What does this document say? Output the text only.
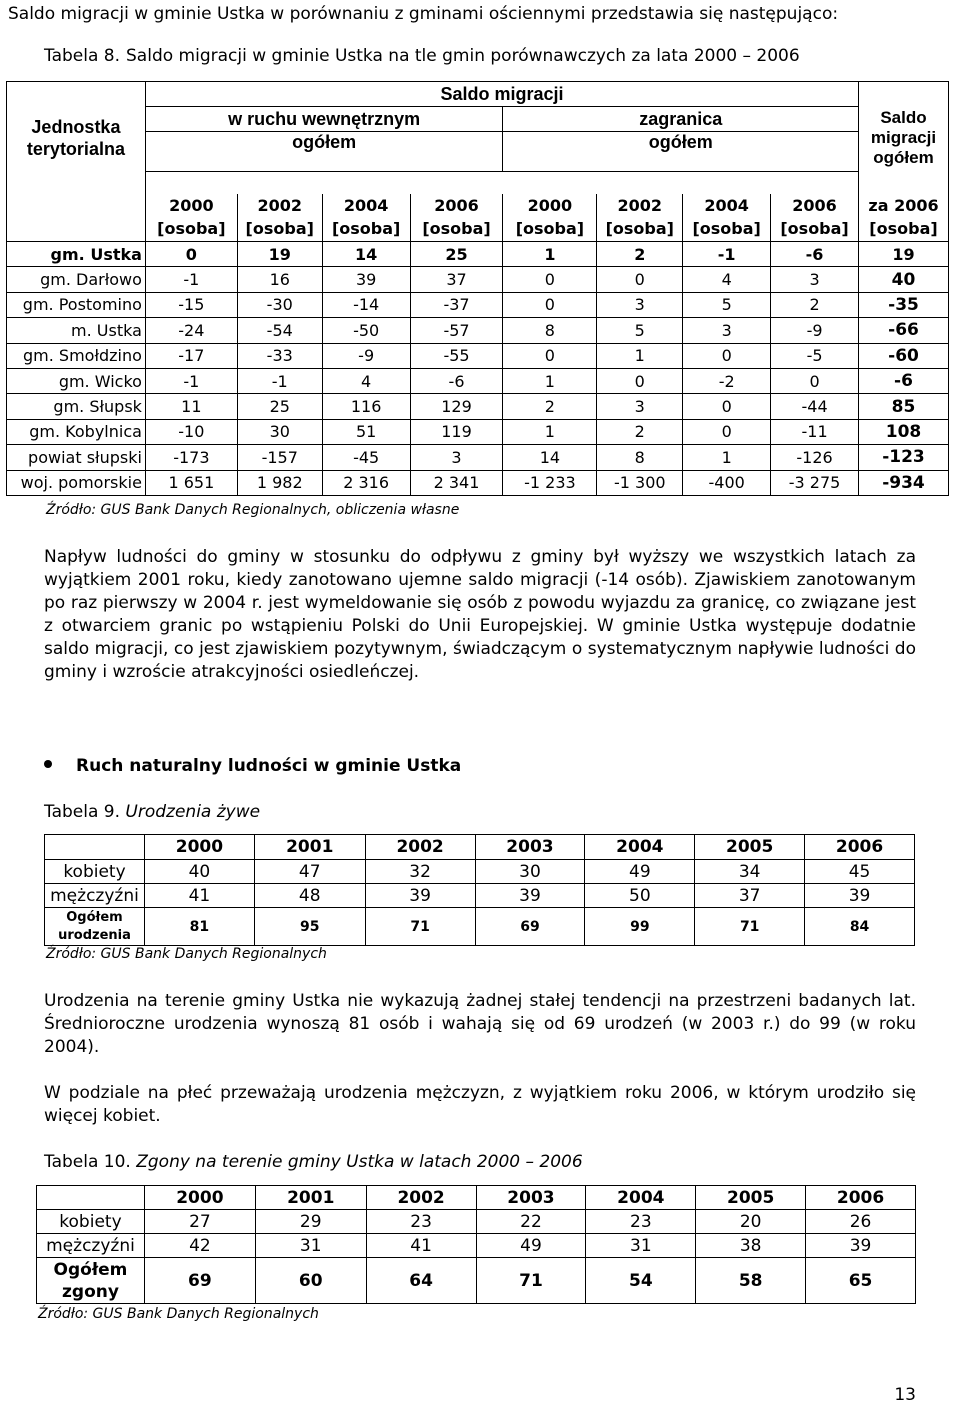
Saldo migracji w gminie Ustka w porównaniu z gminami ościennymi przedstawia się następująco:
Tabela 8. Saldo migracji w gminie Ustka na tle gmin porównawczych za lata 2000 – 2006
Jednostka terytorialna	Saldo migracji								Saldo migracji ogółem
	w ruchu wewnętrznym				zagranica				
	ogółem				ogółem				

	2000	2002	2004	2006	2000	2002	2004	2006	za 2006
	[osoba]	[osoba]	[osoba]	[osoba]	[osoba]	[osoba]	[osoba]	[osoba]	[osoba]
gm. Ustka	0	19	14	25	1	2	-1	-6	19
gm. Darłowo	-1	16	39	37	0	0	4	3	40
gm. Postomino	-15	-30	-14	-37	0	3	5	2	-35
m. Ustka	-24	-54	-50	-57	8	5	3	-9	-66
gm. Smołdzino	-17	-33	-9	-55	0	1	0	-5	-60
gm. Wicko	-1	-1	4	-6	1	0	-2	0	-6
gm. Słupsk	11	25	116	129	2	3	0	-44	85
gm. Kobylnica	-10	30	51	119	1	2	0	-11	108
powiat słupski	-173	-157	-45	3	14	8	1	-126	-123
woj. pomorskie	1 651	1 982	2 316	2 341	-1 233	-1 300	-400	-3 275	-934
Źródło: GUS Bank Danych Regionalnych, obliczenia własne
Napływ ludności do gminy w stosunku do odpływu z gminy był wyższy we wszystkich latach za wyjątkiem 2001 roku, kiedy zanotowano ujemne saldo migracji (-14 osób). Zjawiskiem zanotowanym po raz pierwszy w 2004 r. jest wymeldowanie się osób z powodu wyjazdu za granicę, co związane jest z otwarciem granic po wstąpieniu Polski do Unii Europejskiej. W gminie Ustka występuje dodatnie saldo migracji, co jest zjawiskiem pozytywnym, świadczącym o systematycznym napływie ludności do gminy i wzroście atrakcyjności osiedleńczej.
Ruch naturalny ludności w gminie Ustka
Tabela 9. Urodzenia żywe
	2000	2001	2002	2003	2004	2005	2006
kobiety	40	47	32	30	49	34	45
mężczyźni	41	48	39	39	50	37	39
Ogółem
urodzenia	81	95	71	69	99	71	84
Źródło: GUS Bank Danych Regionalnych
Urodzenia na terenie gminy Ustka nie wykazują żadnej stałej tendencji na przestrzeni badanych lat. Średnioroczne urodzenia wynoszą 81 osób i wahają się od 69 urodzeń (w 2003 r.) do 99 (w roku 2004).
W podziale na płeć przeważają urodzenia mężczyzn, z wyjątkiem roku 2006, w którym urodziło się więcej kobiet.
Tabela 10. Zgony na terenie gminy Ustka w latach 2000 – 2006
	2000	2001	2002	2003	2004	2005	2006
kobiety	27	29	23	22	23	20	26
mężczyźni	42	31	41	49	31	38	39
Ogółem
zgony	69	60	64	71	54	58	65
Źródło: GUS Bank Danych Regionalnych
13
